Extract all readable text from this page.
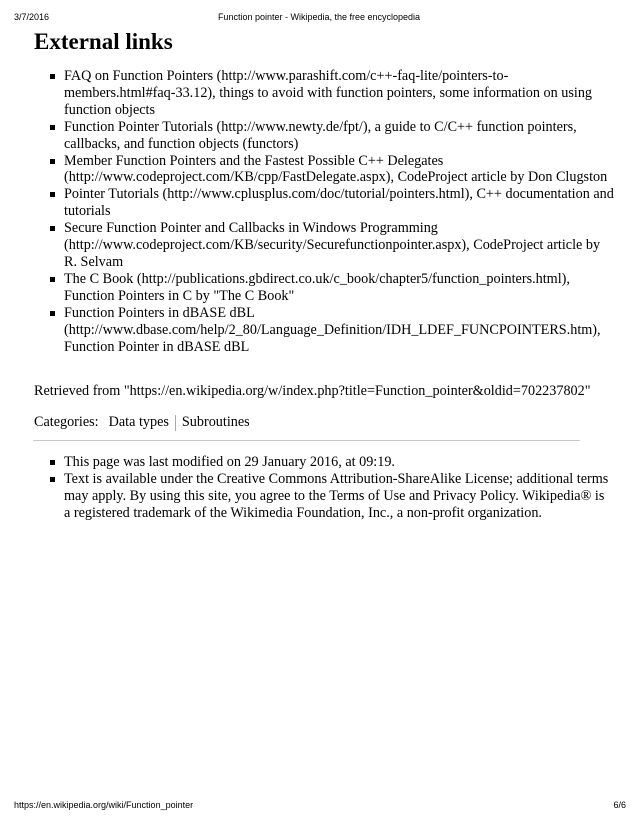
3/7/2016	Function pointer - Wikipedia, the free encyclopedia
External links
FAQ on Function Pointers (http://www.parashift.com/c++-faq-lite/pointers-to-members.html#faq-33.12), things to avoid with function pointers, some information on using function objects
Function Pointer Tutorials (http://www.newty.de/fpt/), a guide to C/C++ function pointers, callbacks, and function objects (functors)
Member Function Pointers and the Fastest Possible C++ Delegates (http://www.codeproject.com/KB/cpp/FastDelegate.aspx), CodeProject article by Don Clugston
Pointer Tutorials (http://www.cplusplus.com/doc/tutorial/pointers.html), C++ documentation and tutorials
Secure Function Pointer and Callbacks in Windows Programming (http://www.codeproject.com/KB/security/Securefunctionpointer.aspx), CodeProject article by R. Selvam
The C Book (http://publications.gbdirect.co.uk/c_book/chapter5/function_pointers.html), Function Pointers in C by "The C Book"
Function Pointers in dBASE dBL (http://www.dbase.com/help/2_80/Language_Definition/IDH_LDEF_FUNCPOINTERS.htm), Function Pointer in dBASE dBL
Retrieved from "https://en.wikipedia.org/w/index.php?title=Function_pointer&oldid=702237802"
Categories: Data types Subroutines
This page was last modified on 29 January 2016, at 09:19.
Text is available under the Creative Commons Attribution-ShareAlike License; additional terms may apply. By using this site, you agree to the Terms of Use and Privacy Policy. Wikipedia® is a registered trademark of the Wikimedia Foundation, Inc., a non-profit organization.
https://en.wikipedia.org/wiki/Function_pointer	6/6
